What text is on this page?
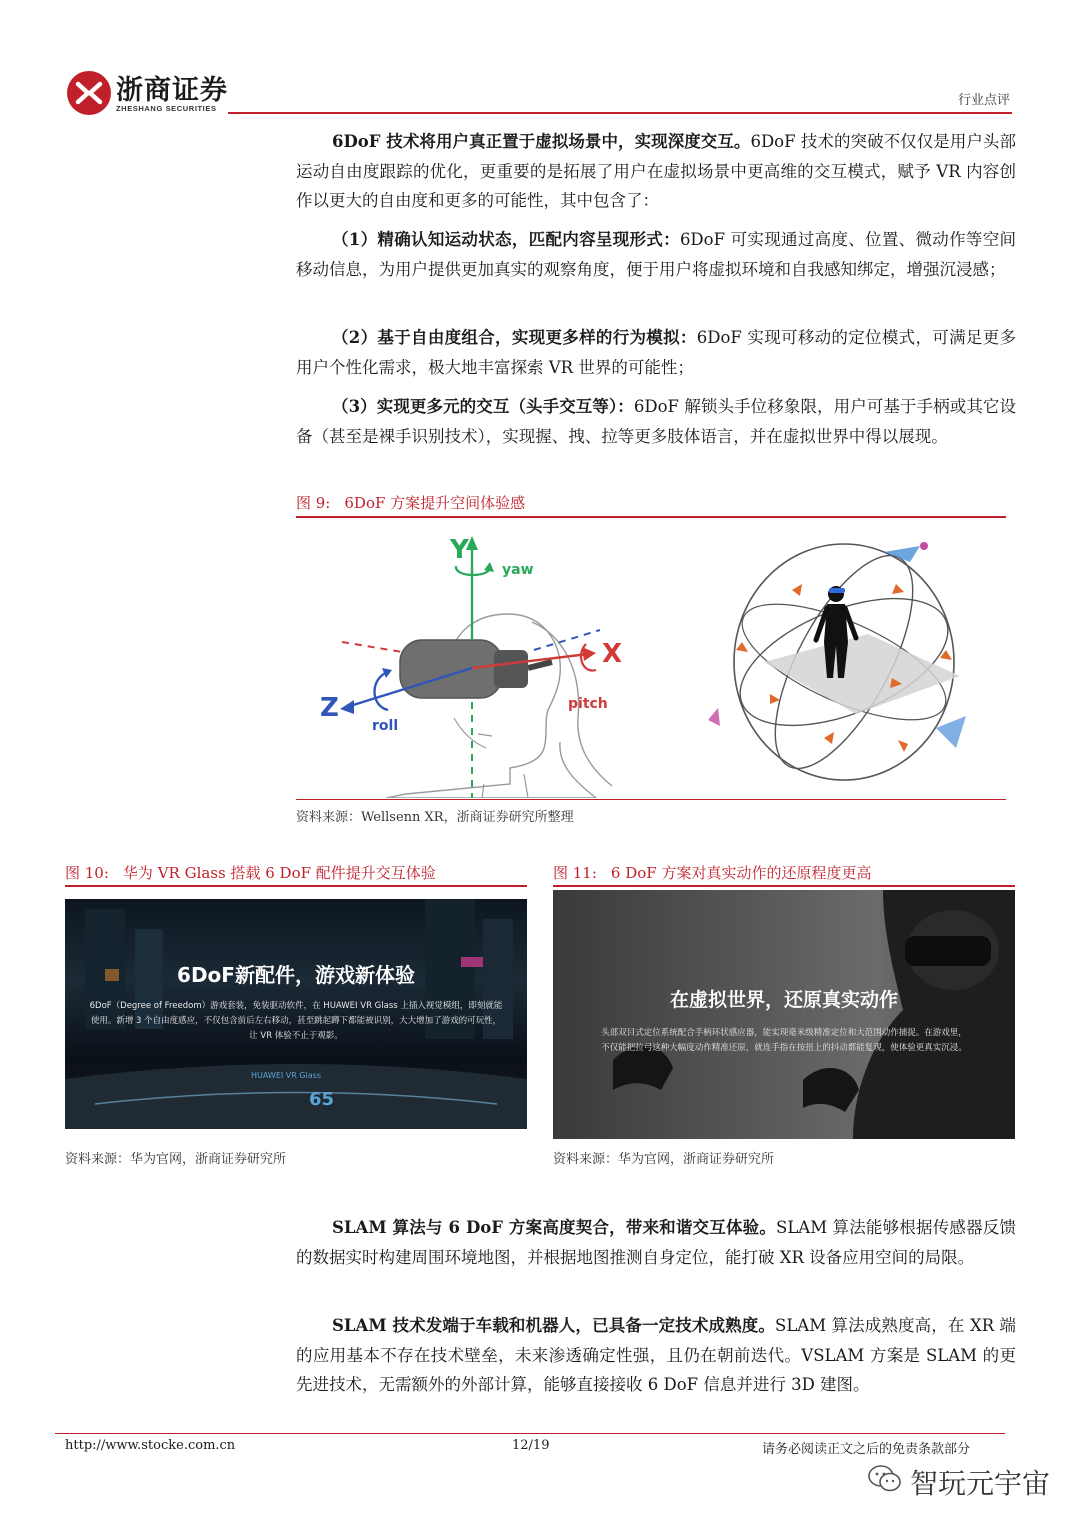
浙商证券
ZHESHANG SECURITIES
行业点评
6DoF 技术将用户真正置于虚拟场景中，实现深度交互。6DoF 技术的突破不仅仅是用户头部运动自由度跟踪的优化，更重要的是拓展了用户在虚拟场景中更高维的交互模式，赋予 VR 内容创作以更大的自由度和更多的可能性，其中包含了：
（1）精确认知运动状态，匹配内容呈现形式：6DoF 可实现通过高度、位置、微动作等空间移动信息，为用户提供更加真实的观察角度，便于用户将虚拟环境和自我感知绑定，增强沉浸感；
（2）基于自由度组合，实现更多样的行为模拟：6DoF 实现可移动的定位模式，可满足更多用户个性化需求，极大地丰富探索 VR 世界的可能性；
（3）实现更多元的交互（头手交互等）：6DoF 解锁头手位移象限，用户可基于手柄或其它设备（甚至是裸手识别技术），实现握、拽、拉等更多肢体语言，并在虚拟世界中得以展现。
图 9: 6DoF 方案提升空间体验感
Y
yaw
X
pitch
Z
roll
资料来源：Wellsenn XR，浙商证券研究所整理
图 10: 华为 VR Glass 搭载 6 DoF 配件提升交互体验
65
6DoF新配件，游戏新体验
6DoF（Degree of Freedom）游戏套装，免装驱动软件，在 HUAWEI VR Glass 上插入视觉模组，即刻就能
使用。新增 3 个自由度感应，不仅包含前后左右移动，甚至跳起蹲下都能被识别，大大增加了游戏的可玩性，
让 VR 体验不止于观影。
HUAWEI VR Glass
资料来源：华为官网，浙商证券研究所
图 11: 6 DoF 方案对真实动作的还原程度更高
在虚拟世界，还原真实动作
头部双目式定位系统配合手柄环状感应器，能实现毫米级精准定位和大范围动作捕捉。在游戏里，
不仅能把拉弓这种大幅度动作精准还原，就连手指在按扭上的抖动都能复现，使体验更真实沉浸。
资料来源：华为官网，浙商证券研究所
SLAM 算法与 6 DoF 方案高度契合，带来和谐交互体验。SLAM 算法能够根据传感器反馈的数据实时构建周围环境地图，并根据地图推测自身定位，能打破 XR 设备应用空间的局限。
SLAM 技术发端于车载和机器人，已具备一定技术成熟度。SLAM 算法成熟度高，在 XR 端的应用基本不存在技术壁垒，未来渗透确定性强，且仍在朝前迭代。VSLAM 方案是 SLAM 的更先进技术，无需额外的外部计算，能够直接接收 6 DoF 信息并进行 3D 建图。
http://www.stocke.com.cn	12/19	请务必阅读正文之后的免责条款部分
智玩元宇宙
